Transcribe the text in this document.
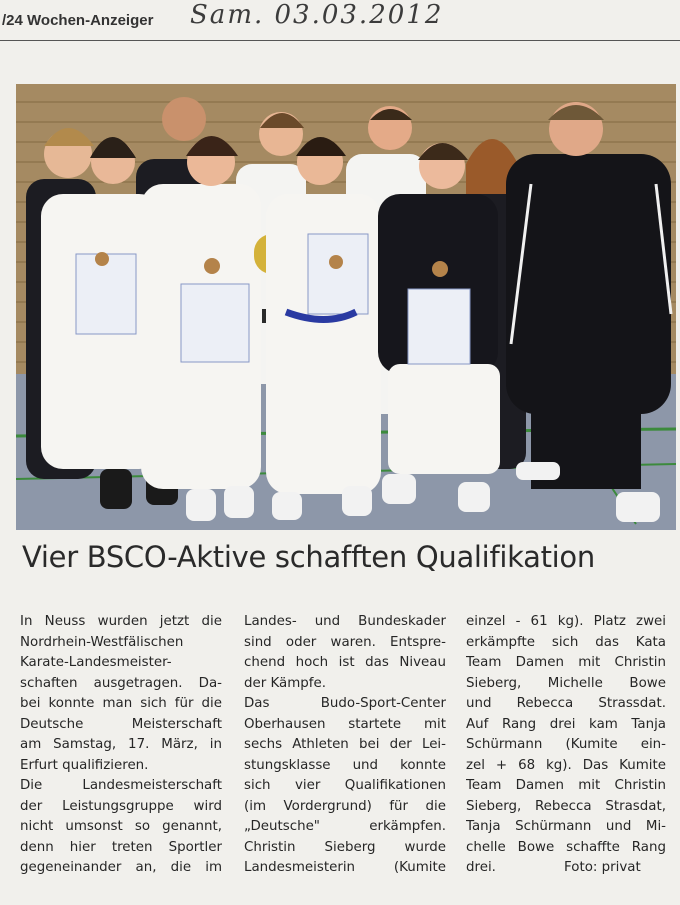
/24 Wochen-Anzeiger Sam. 03.03.2012
Vier BSCO-Aktive schafften Qualifikation
In Neuss wurden jetzt die
Nordrhein-Westfälischen
Karate-Landesmeister-
schaften ausgetragen. Da-
bei konnte man sich für die
Deutsche Meisterschaft
am Samstag, 17. März, in
Erfurt qualifizieren.
Die Landesmeisterschaft
der Leistungsgruppe wird
nicht umsonst so genannt,
denn hier treten Sportler
gegeneinander an, die im
Landes- und Bundeskader
sind oder waren. Entspre-
chend hoch ist das Niveau
der Kämpfe.
Das Budo-Sport-Center
Oberhausen startete mit
sechs Athleten bei der Lei-
stungsklasse und konnte
sich vier Qualifikationen
(im Vordergrund) für die
„Deutsche" erkämpfen.
Christin Sieberg wurde
Landesmeisterin (Kumite
einzel - 61 kg). Platz zwei
erkämpfte sich das Kata
Team Damen mit Christin
Sieberg, Michelle Bowe
und Rebecca Strassdat.
Auf Rang drei kam Tanja
Schürmann (Kumite ein-
zel + 68 kg). Das Kumite
Team Damen mit Christin
Sieberg, Rebecca Strasdat,
Tanja Schürmann und Mi-
chelle Bowe schaffte Rang
drei.                Foto: privat
